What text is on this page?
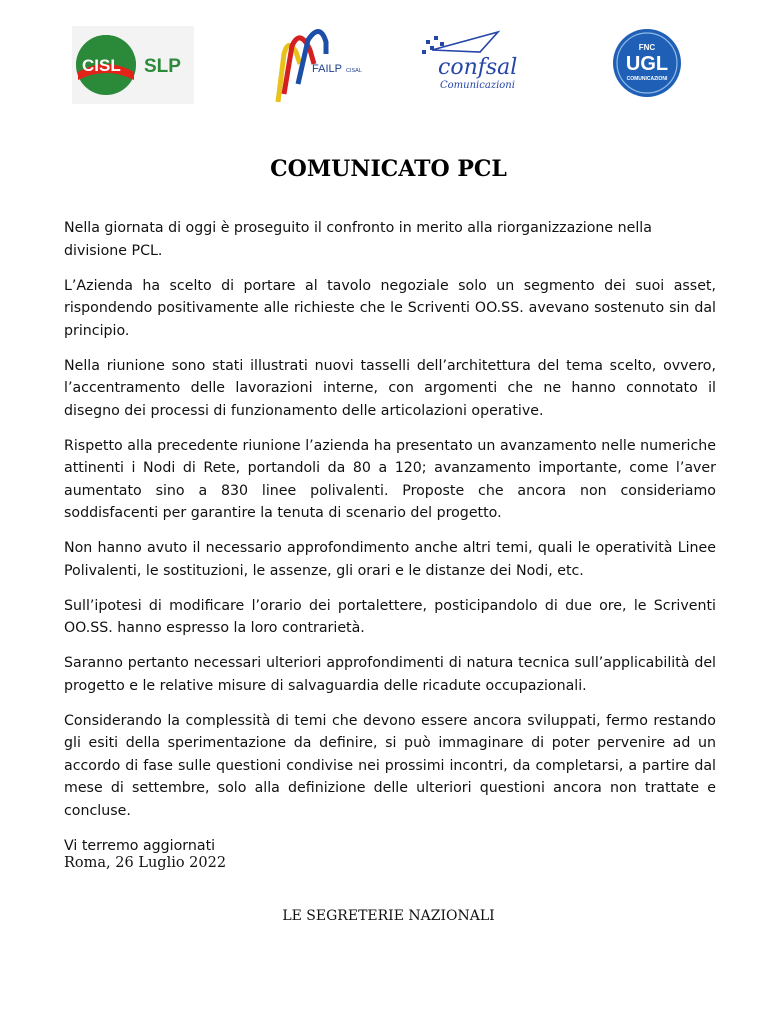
CISL SLP	FAILP CISAL	confsal
Comunicazioni
FNC
UGL
COMUNICAZIONI
COMUNICATO PCL

Nella giornata di oggi è proseguito il confronto in merito alla riorganizzazione nella divisione PCL.

L’Azienda ha scelto di portare al tavolo negoziale solo un segmento dei suoi asset, rispondendo positivamente alle richieste che le Scriventi OO.SS. avevano sostenuto sin dal principio.

Nella riunione sono stati illustrati nuovi tasselli dell’architettura del tema scelto, ovvero, l’accentramento delle lavorazioni interne, con argomenti che ne hanno connotato il disegno dei processi di funzionamento delle articolazioni operative.

Rispetto alla precedente riunione l’azienda ha presentato un avanzamento nelle numeriche attinenti i Nodi di Rete, portandoli da 80 a 120; avanzamento importante, come l’aver aumentato sino a 830 linee polivalenti. Proposte che ancora non consideriamo soddisfacenti per garantire la tenuta di scenario del progetto.

Non hanno avuto il necessario approfondimento anche altri temi, quali le operatività Linee Polivalenti, le sostituzioni, le assenze, gli orari e le distanze dei Nodi, etc.

Sull’ipotesi di modificare l’orario dei portalettere, posticipandolo di due ore, le Scriventi OO.SS. hanno espresso la loro contrarietà.

Saranno pertanto necessari ulteriori approfondimenti di natura tecnica sull’applicabilità del progetto e le relative misure di salvaguardia delle ricadute occupazionali.

Considerando la complessità di temi che devono essere ancora sviluppati, fermo restando gli esiti della sperimentazione da definire, si può immaginare di poter pervenire ad un accordo di fase sulle questioni condivise nei prossimi incontri, da completarsi, a partire dal mese di settembre, solo alla definizione delle ulteriori questioni ancora non trattate e concluse.

Vi terremo aggiornati

Roma, 26 Luglio 2022
LE SEGRETERIE NAZIONALI
